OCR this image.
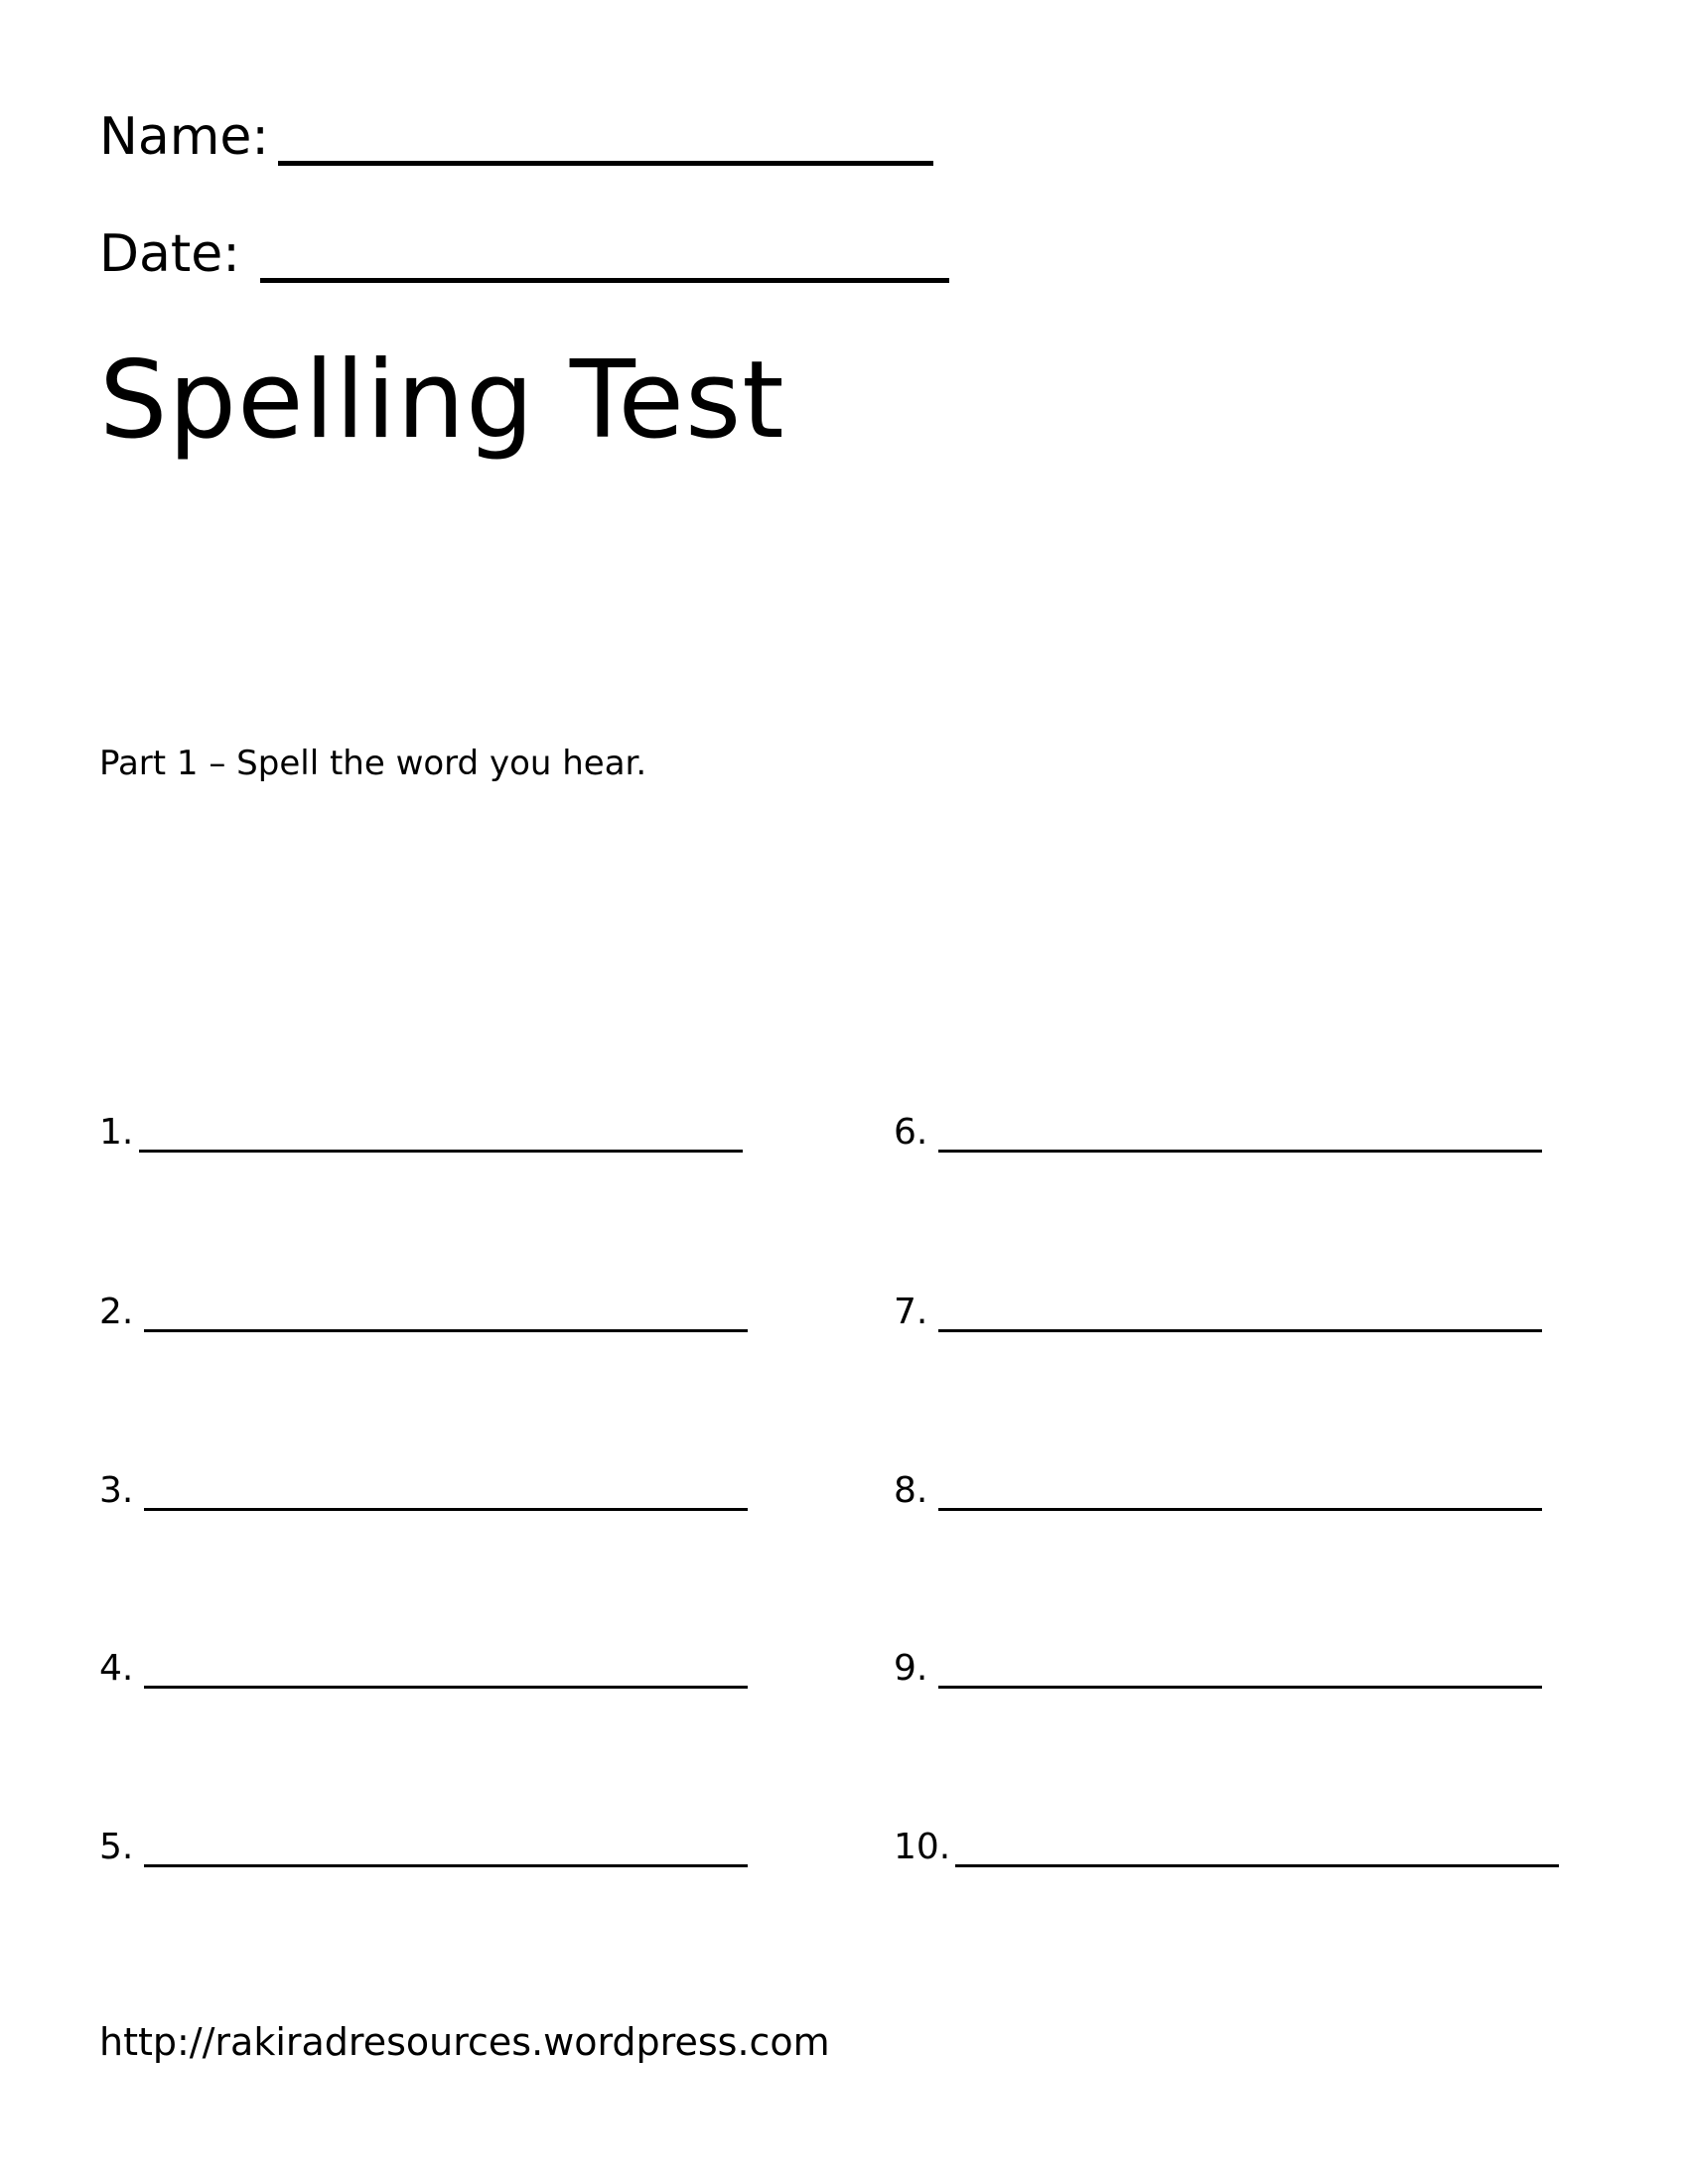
Name:
Date:
Spelling Test
Part 1 – Spell the word you hear.
1.
2.
3.
4.
5.
6.
7.
8.
9.
10.
http://rakiradresources.wordpress.com
